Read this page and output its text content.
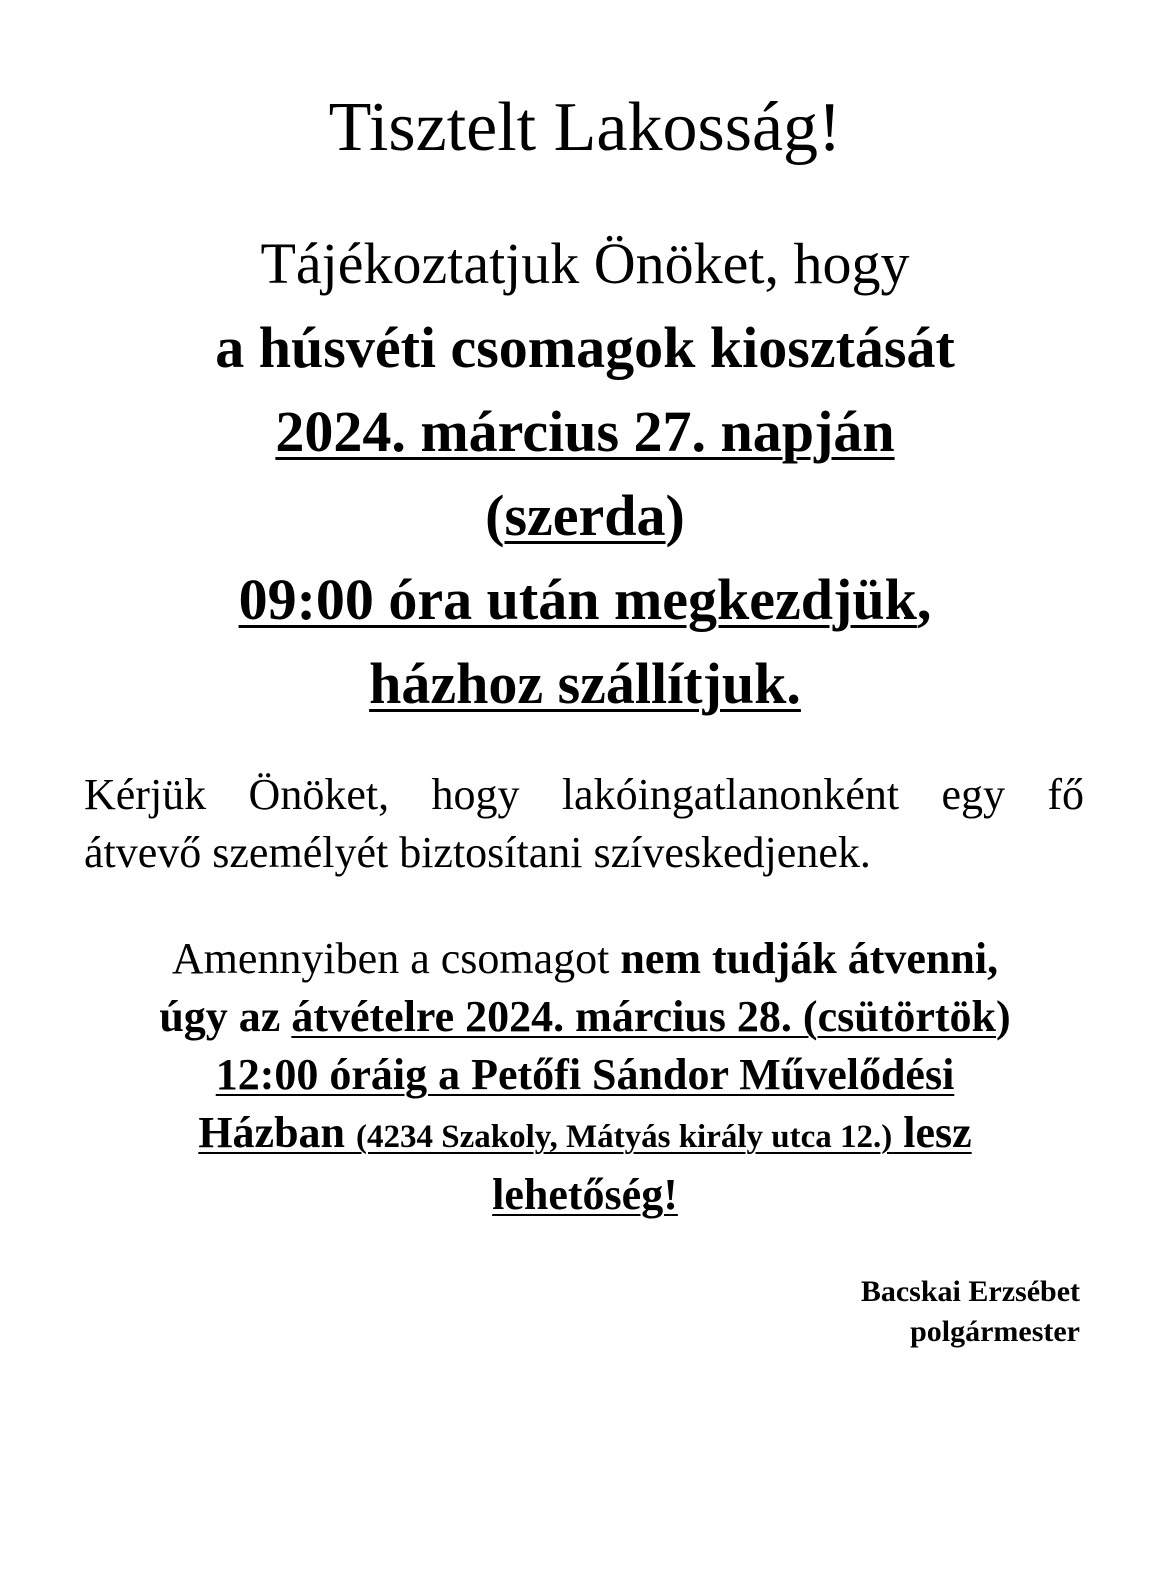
Tisztelt Lakosság!
Tájékoztatjuk Önöket, hogy
a húsvéti csomagok kiosztását
2024. március 27. napján
(szerda)
09:00 óra után megkezdjük,
házhoz szállítjuk.

Kérjük Önöket, hogy lakóingatlanonként egy fő
átvevő személyét biztosítani szíveskedjenek.

Amennyiben a csomagot nem tudják átvenni,
úgy az átvételre 2024. március 28. (csütörtök)
12:00 óráig a Petőfi Sándor Művelődési
Házban (4234 Szakoly, Mátyás király utca 12.) lesz
lehetőség!
Bacskai Erzsébet
polgármester
